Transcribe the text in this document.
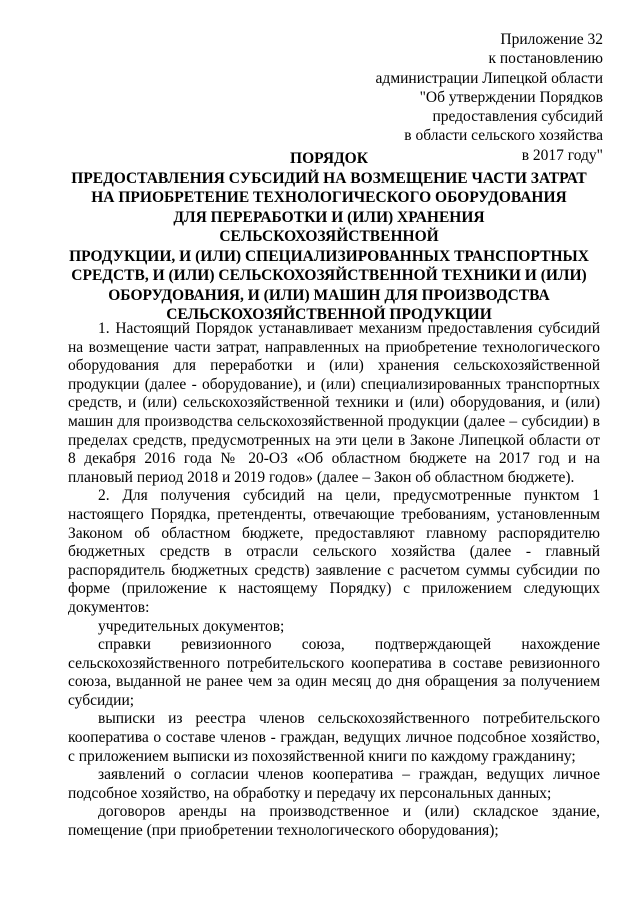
Приложение 32
к постановлению
администрации Липецкой области
"Об утверждении Порядков
предоставления субсидий
в области сельского хозяйства
в 2017 году"
ПОРЯДОК
ПРЕДОСТАВЛЕНИЯ СУБСИДИЙ НА ВОЗМЕЩЕНИЕ ЧАСТИ ЗАТРАТ
НА ПРИОБРЕТЕНИЕ ТЕХНОЛОГИЧЕСКОГО ОБОРУДОВАНИЯ
ДЛЯ ПЕРЕРАБОТКИ И (ИЛИ) ХРАНЕНИЯ
СЕЛЬСКОХОЗЯЙСТВЕННОЙ
ПРОДУКЦИИ, И (ИЛИ) СПЕЦИАЛИЗИРОВАННЫХ ТРАНСПОРТНЫХ
СРЕДСТВ, И (ИЛИ) СЕЛЬСКОХОЗЯЙСТВЕННОЙ ТЕХНИКИ И (ИЛИ)
ОБОРУДОВАНИЯ, И (ИЛИ) МАШИН ДЛЯ ПРОИЗВОДСТВА
СЕЛЬСКОХОЗЯЙСТВЕННОЙ ПРОДУКЦИИ

1. Настоящий Порядок устанавливает механизм предоставления субсидий на возмещение части затрат, направленных на приобретение технологического оборудования для переработки и (или) хранения сельскохозяйственной продукции (далее - оборудование), и (или) специализированных транспортных средств, и (или) сельскохозяйственной техники и (или) оборудования, и (или) машин для производства сельскохозяйственной продукции (далее – субсидии) в пределах средств, предусмотренных на эти цели в Законе Липецкой области от 8 декабря 2016 года № 20-ОЗ «Об областном бюджете на 2017 год и на плановый период 2018 и 2019 годов» (далее – Закон об областном бюджете).

2. Для получения субсидий на цели, предусмотренные пунктом 1 настоящего Порядка, претенденты, отвечающие требованиям, установленным Законом об областном бюджете, предоставляют главному распорядителю бюджетных средств в отрасли сельского хозяйства (далее - главный распорядитель бюджетных средств) заявление с расчетом суммы субсидии по форме (приложение к настоящему Порядку) с приложением следующих документов:

учредительных документов;

справки ревизионного союза, подтверждающей нахождение сельскохозяйственного потребительского кооператива в составе ревизионного союза, выданной не ранее чем за один месяц до дня обращения за получением субсидии;

выписки из реестра членов сельскохозяйственного потребительского кооператива о составе членов - граждан, ведущих личное подсобное хозяйство, с приложением выписки из похозяйственной книги по каждому гражданину;

заявлений о согласии членов кооператива – граждан, ведущих личное подсобное хозяйство, на обработку и передачу их персональных данных;

договоров аренды на производственное и (или) складское здание, помещение (при приобретении технологического оборудования);
